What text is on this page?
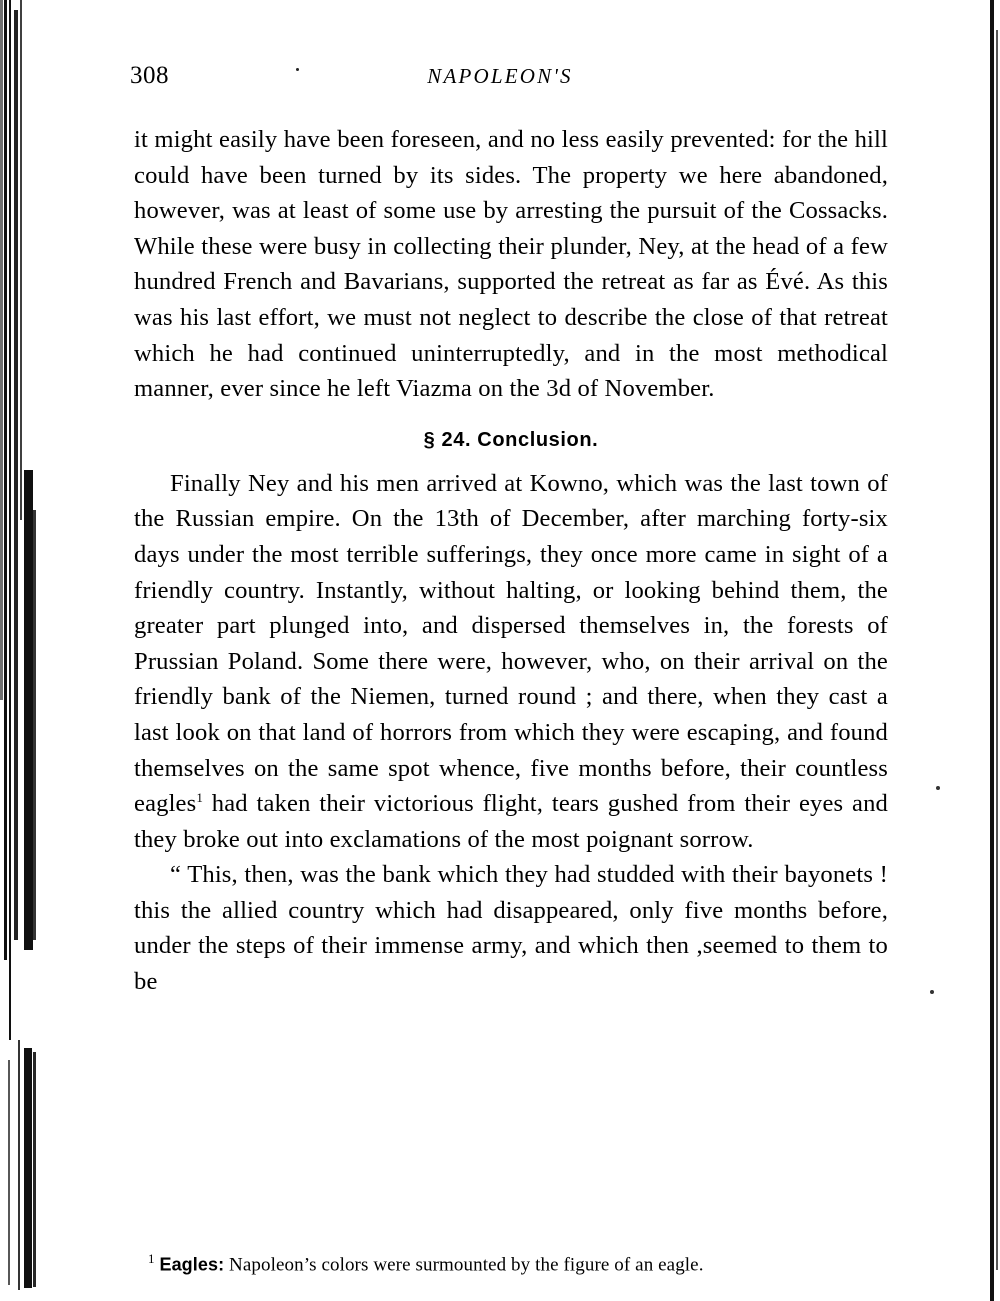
308	NAPOLEON'S

it might easily have been foreseen, and no less easily prevented: for the hill could have been turned by its sides. The property we here abandoned, however, was at least of some use by arresting the pursuit of the Cossacks. While these were busy in collecting their plunder, Ney, at the head of a few hundred French and Bavarians, supported the retreat as far as Évé. As this was his last effort, we must not neglect to describe the close of that retreat which he had continued uninterruptedly, and in the most methodical manner, ever since he left Viazma on the 3d of November.

§ 24. Conclusion.

Finally Ney and his men arrived at Kowno, which was the last town of the Russian empire. On the 13th of December, after marching forty-six days under the most terrible sufferings, they once more came in sight of a friendly country. Instantly, without halting, or looking behind them, the greater part plunged into, and dispersed themselves in, the forests of Prussian Poland. Some there were, however, who, on their arrival on the friendly bank of the Niemen, turned round ; and there, when they cast a last look on that land of horrors from which they were escaping, and found themselves on the same spot whence, five months before, their countless eagles$^1$ had taken their victorious flight, tears gushed from their eyes and they broke out into exclamations of the most poignant sorrow.

“ This, then, was the bank which they had studded with their bayonets ! this the allied country which had disappeared, only five months before, under the steps of their immense army, and which then ,seemed to them to be

$^1$ Eagles: Napoleon’s colors were surmounted by the figure of an eagle.
